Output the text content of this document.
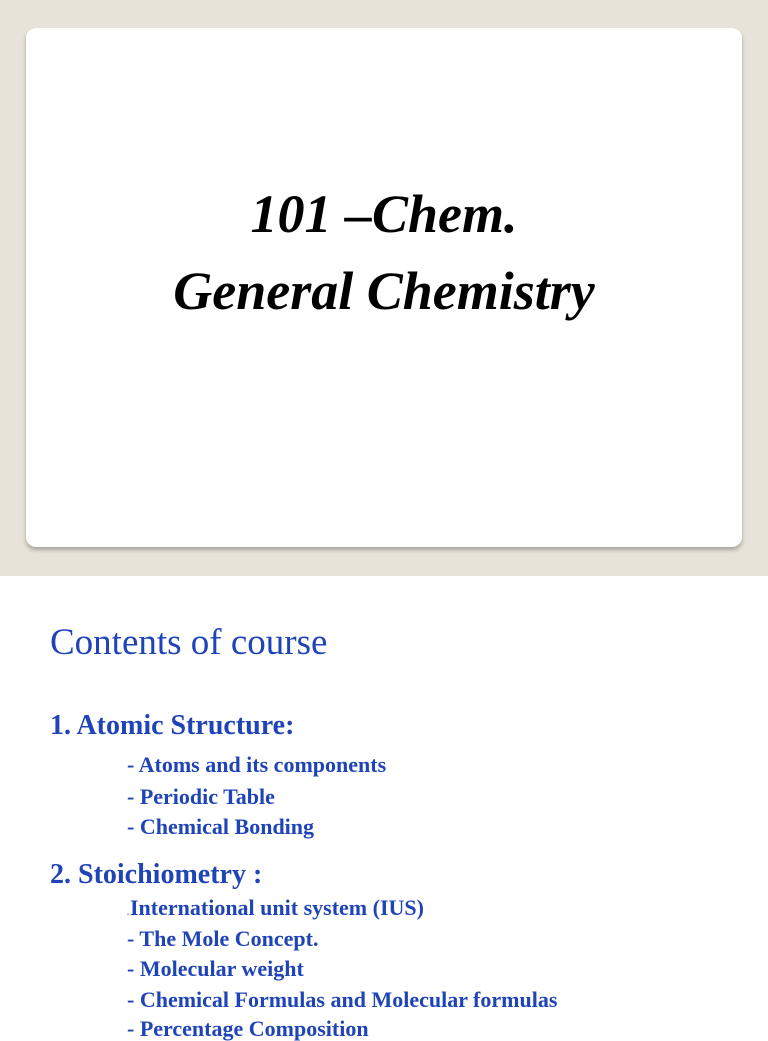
101 –Chem.
General Chemistry
Contents of course
1. Atomic Structure:
- Atoms and its components
- Periodic Table
- Chemical Bonding
2. Stoichiometry :
.International unit system (IUS)
- The Mole Concept.
- Molecular weight
- Chemical Formulas and Molecular formulas
- Percentage Composition
